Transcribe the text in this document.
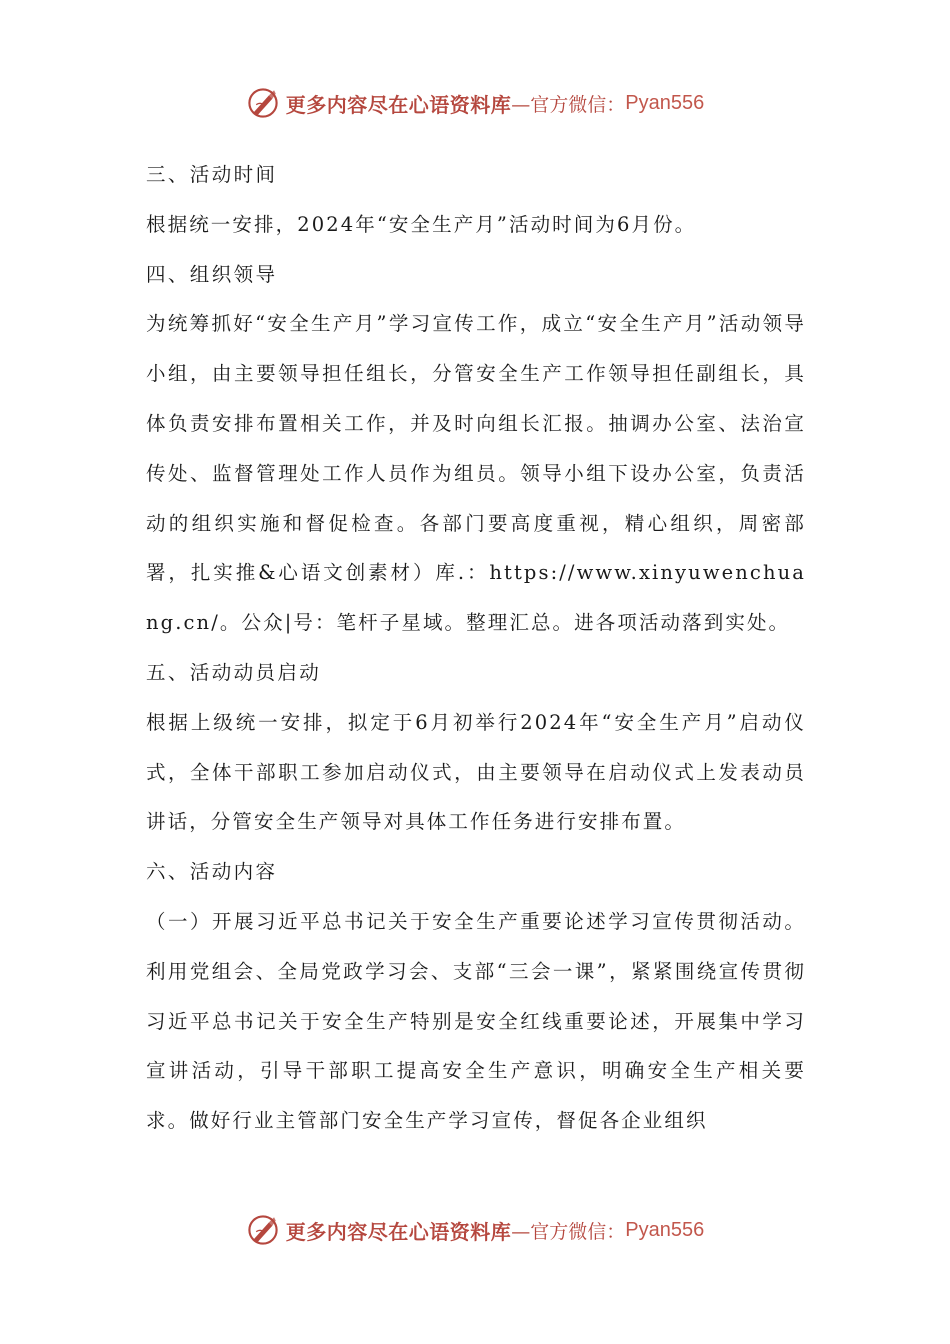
更多内容尽在心语资料库 —官方微信： Pyan556

三、活动时间

根据统一安排，2024年“安全生产月”活动时间为6月份。

四、组织领导

为统筹抓好“安全生产月”学习宣传工作，成立“安全生产月”活动领导小组，由主要领导担任组长，分管安全生产工作领导担任副组长，具体负责安排布置相关工作，并及时向组长汇报。抽调办公室、法治宣传处、监督管理处工作人员作为组员。领导小组下设办公室，负责活动的组织实施和督促检查。各部门要高度重视，精心组织，周密部署，扎实推&心语文创素材）库.：https://www.xinyuwenchuang.cn/。公众|号：笔杆子星域。整理汇总。进各项活动落到实处。

五、活动动员启动

根据上级统一安排，拟定于6月初举行2024年“安全生产月”启动仪式，全体干部职工参加启动仪式，由主要领导在启动仪式上发表动员讲话，分管安全生产领导对具体工作任务进行安排布置。

六、活动内容

（一）开展习近平总书记关于安全生产重要论述学习宣传贯彻活动。利用党组会、全局党政学习会、支部“三会一课”，紧紧围绕宣传贯彻习近平总书记关于安全生产特别是安全红线重要论述，开展集中学习宣讲活动，引导干部职工提高安全生产意识，明确安全生产相关要求。做好行业主管部门安全生产学习宣传，督促各企业组织

更多内容尽在心语资料库 —官方微信： Pyan556
